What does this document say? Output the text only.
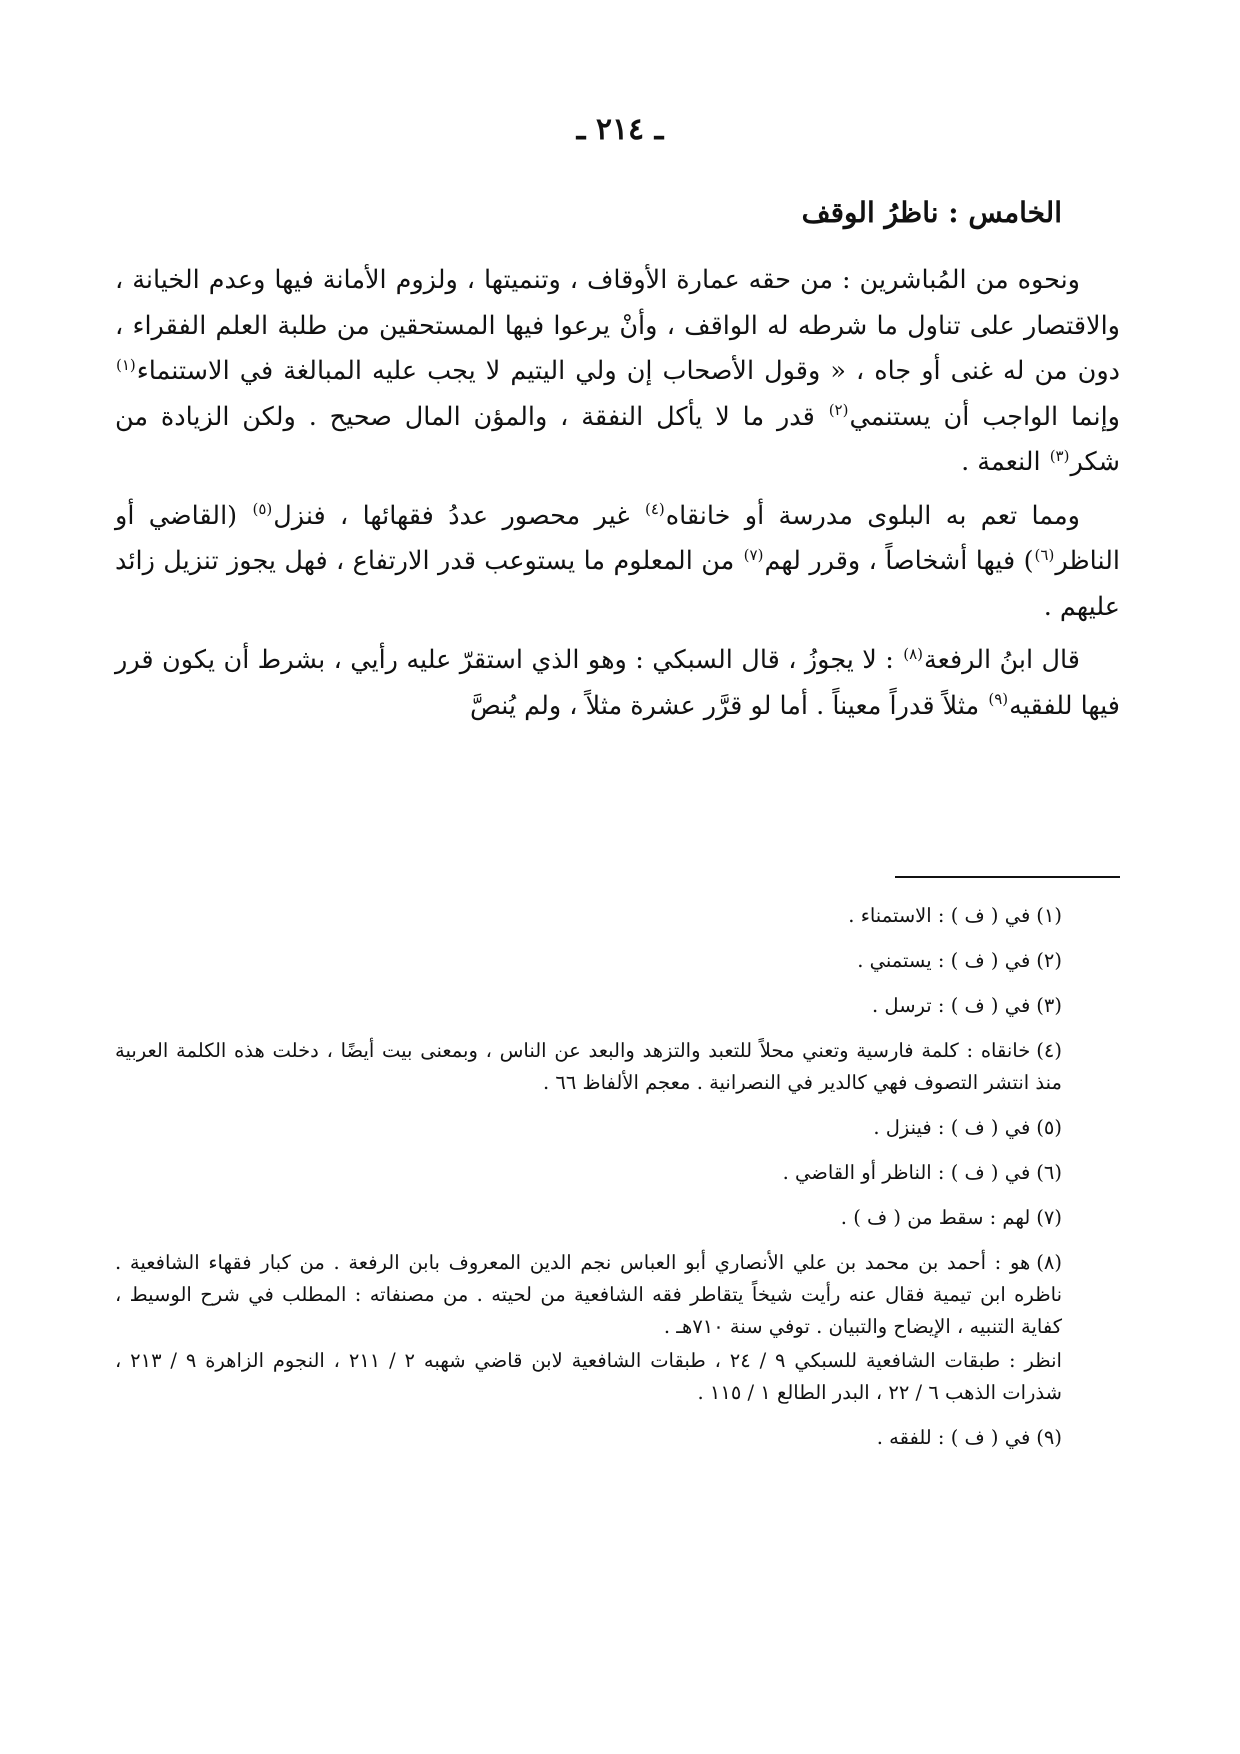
ـ ٢١٤ ـ
الخامس : ناظرُ الوقف

ونحوه من المُباشرين : من حقه عمارة الأوقاف ، وتنميتها ، ولزوم الأمانة فيها وعدم الخيانة ، والاقتصار على تناول ما شرطه له الواقف ، وأنْ يرعوا فيها المستحقين من طلبة العلم الفقراء ، دون من له غنى أو جاه ، « وقول الأصحاب إن ولي اليتيم لا يجب عليه المبالغة في الاستنماء$^{(١)}$ وإنما الواجب أن يستنمي$^{(٢)}$ قدر ما لا يأكل النفقة ، والمؤن المال صحيح . ولكن الزيادة من شكر$^{(٣)}$ النعمة .

ومما تعم به البلوى مدرسة أو خانقاه$^{(٤)}$ غير محصور عددُ فقهائها ، فنزل$^{(٥)}$ (القاضي أو الناظر$^{(٦)}$) فيها أشخاصاً ، وقرر لهم$^{(٧)}$ من المعلوم ما يستوعب قدر الارتفاع ، فهل يجوز تنزيل زائد عليهم .

قال ابنُ الرفعة$^{(٨)}$ : لا يجوزُ ، قال السبكي : وهو الذي استقرّ عليه رأيي ، بشرط أن يكون قرر فيها للفقيه$^{(٩)}$ مثلاً قدراً معيناً . أما لو قرَّر عشرة مثلاً ، ولم يُنصَّ

(١)في ( ف ) : الاستمناء .
(٢)في ( ف ) : يستمني .
(٣)في ( ف ) : ترسل .
(٤)خانقاه : كلمة فارسية وتعني محلاً للتعبد والتزهد والبعد عن الناس ، وبمعنى بيت أيضًا ، دخلت هذه الكلمة العربية منذ انتشر التصوف فهي كالدير في النصرانية . معجم الألفاظ ٦٦ .
(٥)في ( ف ) : فينزل .
(٦)في ( ف ) : الناظر أو القاضي .
(٧)لهم : سقط من ( ف ) .
(٨)هو : أحمد بن محمد بن علي الأنصاري أبو العباس نجم الدين المعروف بابن الرفعة . من كبار فقهاء الشافعية . ناظره ابن تيمية فقال عنه رأيت شيخاً يتقاطر فقه الشافعية من لحيته . من مصنفاته : المطلب في شرح الوسيط ، كفاية التنبيه ، الإيضاح والتبيان . توفي سنة ٧١٠هـ .
انظر : طبقات الشافعية للسبكي ٩ / ٢٤ ، طبقات الشافعية لابن قاضي شهبه ٢ / ٢١١ ، النجوم الزاهرة ٩ / ٢١٣ ، شذرات الذهب ٦ / ٢٢ ، البدر الطالع ١ / ١١٥ .
(٩)في ( ف ) : للفقه .
